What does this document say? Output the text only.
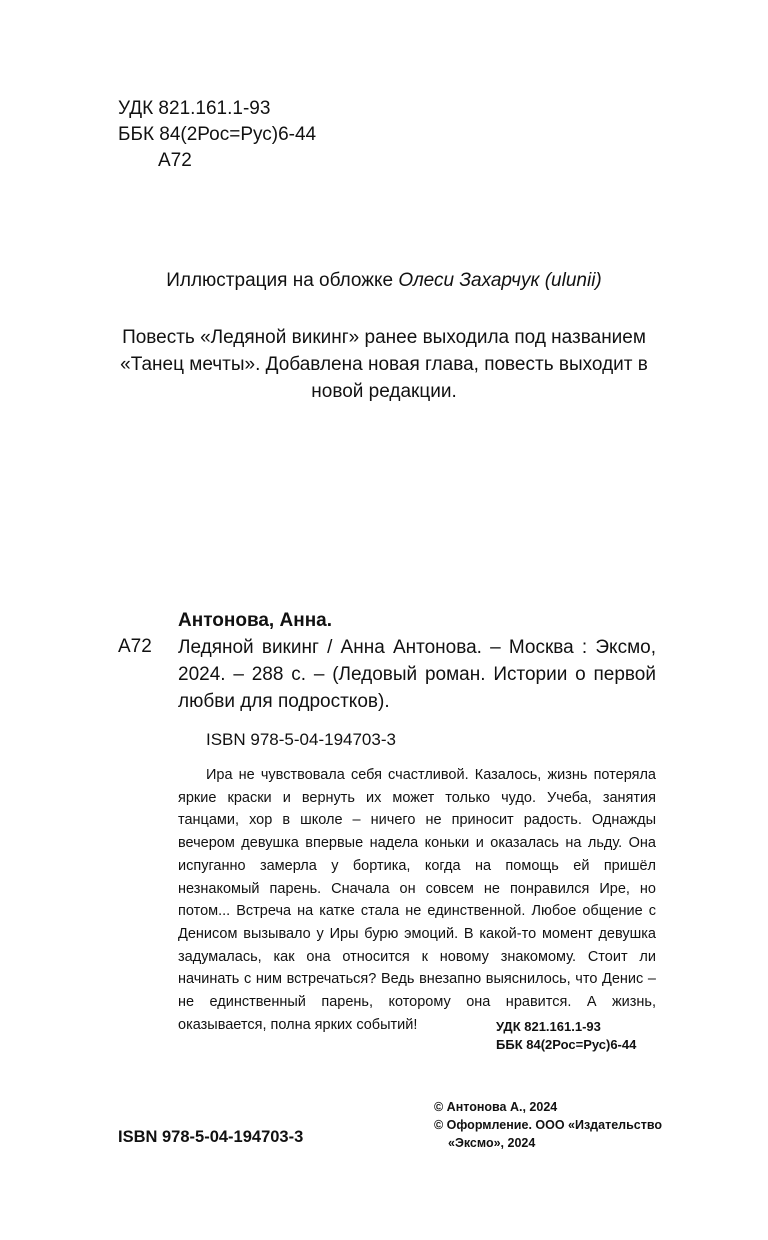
УДК 821.161.1-93
ББК 84(2Рос=Рус)6-44
А72
Иллюстрация на обложке Олеси Захарчук (ulunii)
Повесть «Ледяной викинг» ранее выходила под названием «Танец мечты». Добавлена новая глава, повесть выходит в новой редакции.
Антонова, Анна.
А72 Ледяной викинг / Анна Антонова. – Москва : Эксмо, 2024. – 288 с. – (Ледовый роман. Истории о первой любви для подростков).
ISBN 978-5-04-194703-3
Ира не чувствовала себя счастливой. Казалось, жизнь потеряла яркие краски и вернуть их может только чудо. Учеба, занятия танцами, хор в школе – ничего не приносит радость. Однажды вечером девушка впервые надела коньки и оказалась на льду. Она испуганно замерла у бортика, когда на помощь ей пришёл незнакомый парень. Сначала он совсем не понравился Ире, но потом... Встреча на катке стала не единственной. Любое общение с Денисом вызывало у Иры бурю эмоций. В какой-то момент девушка задумалась, как она относится к новому знакомому. Стоит ли начинать с ним встречаться? Ведь внезапно выяснилось, что Денис – не единственный парень, которому она нравится. А жизнь, оказывается, полна ярких событий!	УДК 821.161.1-93
ББК 84(2Рос=Рус)6-44
ISBN 978-5-04-194703-3
© Антонова А., 2024
© Оформление. ООО «Издательство
«Эксмо», 2024
